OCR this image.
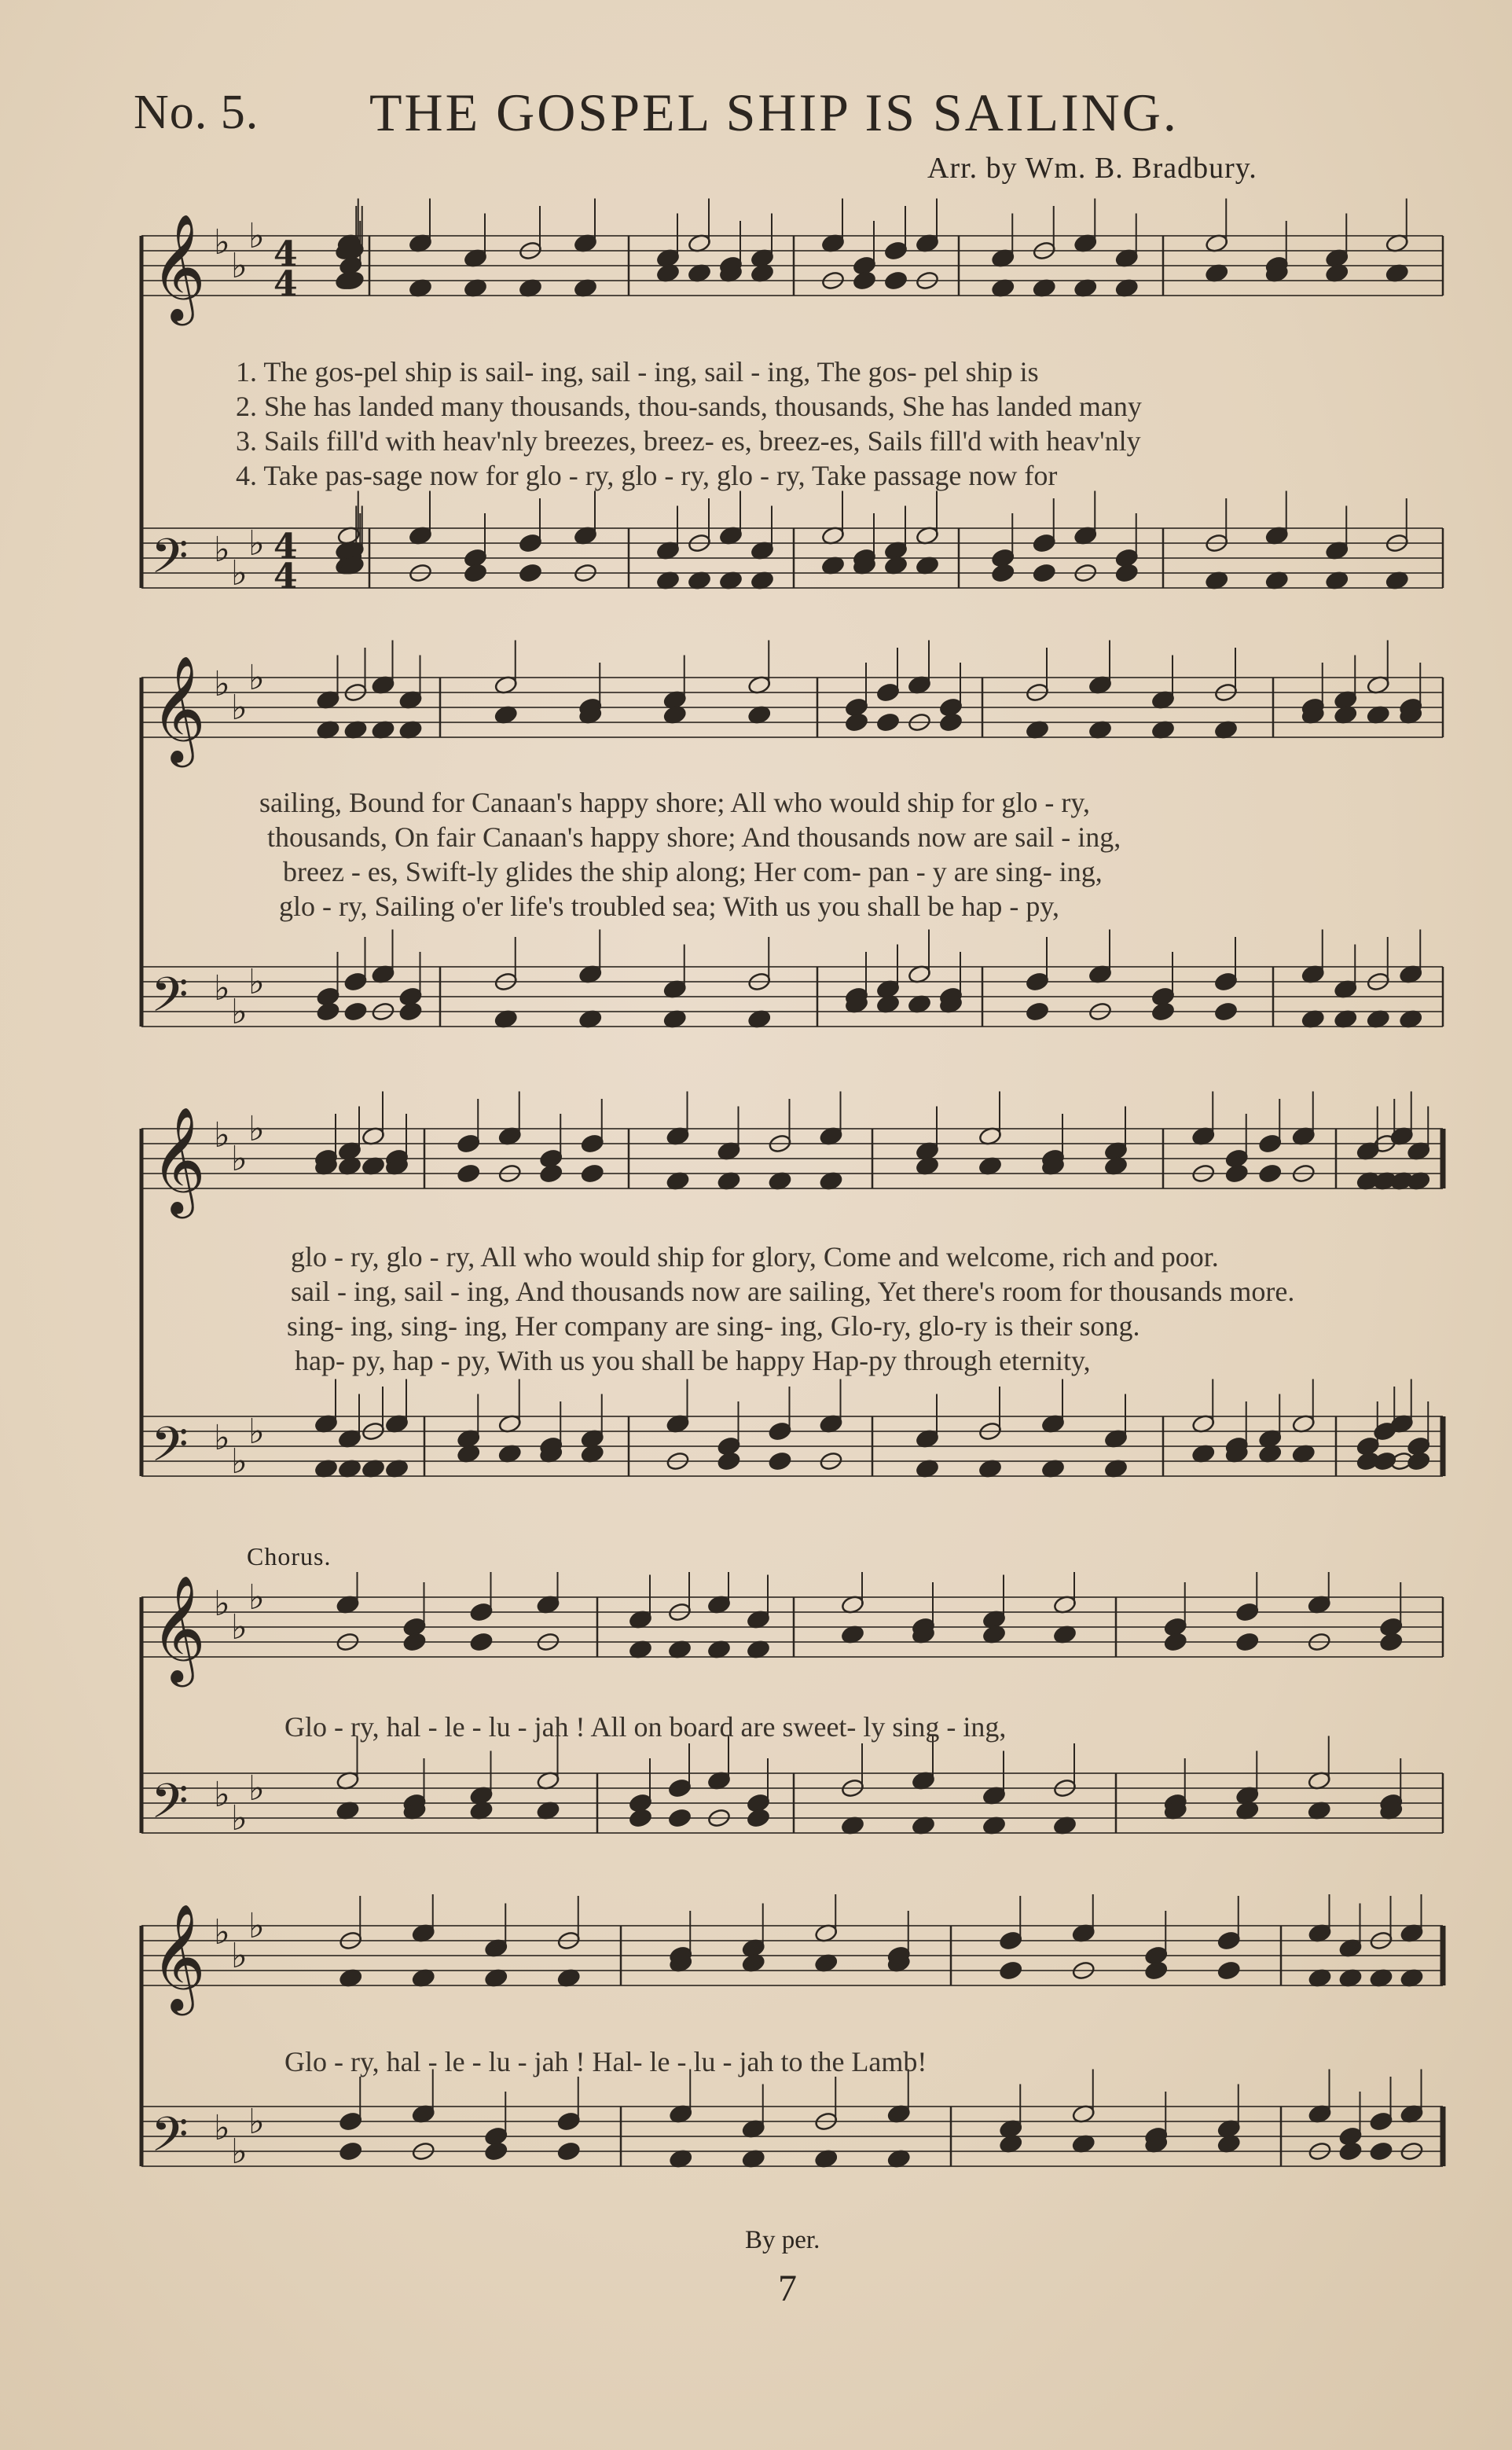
No. 5. THE GOSPEL SHIP IS SAILING.
Arr. by Wm. B. Bradbury.
𝄞 ♭
♭
♭ 4
4
𝄢 ♭
♭
♭ 4
4
1. The gos-pel ship is sail- ing, sail - ing, sail - ing, The gos- pel ship is
2. She has landed many thousands, thou-sands, thousands, She has landed many
3. Sails fill'd with heav'nly breezes, breez- es, breez-es, Sails fill'd with heav'nly
4. Take pas-sage now for glo - ry, glo - ry, glo - ry, Take passage now for
𝄞 ♭
♭
♭
𝄢 ♭
♭
♭
sailing, Bound for Canaan's happy shore; All who would ship for glo - ry,
thousands, On fair Canaan's happy shore; And thousands now are sail - ing,
breez - es, Swift-ly glides the ship along; Her com- pan - y are sing- ing,
glo - ry, Sailing o'er life's troubled sea; With us you shall be hap - py,
𝄞 ♭
♭
♭
𝄢 ♭
♭
♭
glo - ry, glo - ry, All who would ship for glory, Come and welcome, rich and poor.
sail - ing, sail - ing, And thousands now are sailing, Yet there's room for thousands more.
sing- ing, sing- ing, Her company are sing- ing, Glo-ry, glo-ry is their song.
hap- py, hap - py, With us you shall be happy Hap-py through eternity,
Chorus.
𝄞 ♭
♭
♭
𝄢 ♭
♭
♭
Glo - ry, hal - le - lu - jah ! All on board are sweet- ly sing - ing,
𝄞 ♭
♭
♭
𝄢 ♭
♭
♭
Glo - ry, hal - le - lu - jah ! Hal- le - lu - jah to the Lamb!
By per.
7
